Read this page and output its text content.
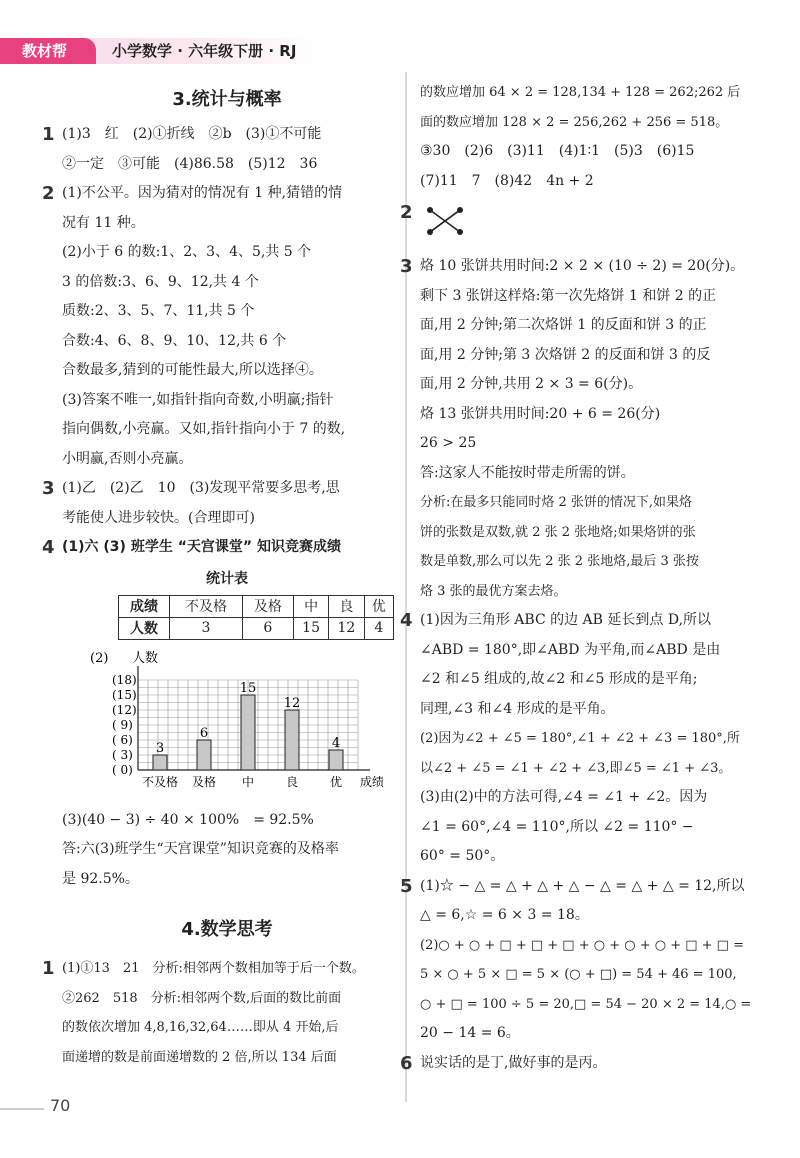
教材帮	小学数学 · 六年级下册 · RJ
3.统计与概率
1 (1)3　红　(2)①折线　②b　(3)①不可能
②一定　③可能　(4)86.58　(5)12　36
2 (1)不公平。因为猜对的情况有 1 种,猜错的情
况有 11 种。
(2)小于 6 的数:1、2、3、4、5,共 5 个
3 的倍数:3、6、9、12,共 4 个
质数:2、3、5、7、11,共 5 个
合数:4、6、8、9、10、12,共 6 个
合数最多,猜到的可能性最大,所以选择④。
(3)答案不唯一,如指针指向奇数,小明赢;指针
指向偶数,小亮赢。又如,指针指向小于 7 的数,
小明赢,否则小亮赢。
3 (1)乙　(2)乙　10　(3)发现平常要多思考,思
考能使人进步较快。(合理即可)
4 (1)六 (3) 班学生 “天宫课堂” 知识竞赛成绩
统计表
成绩	不及格	及格	中	良	优
人数	3	6	15	12	4
(2) 人数
(18)
(15)
(12)
( 9)
( 6)
( 3)
( 0)
3
不及格
6
及格
15
中
12
良
4
优 成绩
(3)(40 − 3) ÷ 40 × 100%　= 92.5%
答:六(3)班学生“天宫课堂”知识竞赛的及格率
是 92.5%。
4.数学思考
1 (1)①13　21　分析:相邻两个数相加等于后一个数。
②262　518　分析:相邻两个数,后面的数比前面
的数依次增加 4,8,16,32,64……即从 4 开始,后
面递增的数是前面递增数的 2 倍,所以 134 后面
的数应增加 64 × 2 = 128,134 + 128 = 262;262 后
面的数应增加 128 × 2 = 256,262 + 256 = 518。
③30　(2)6　(3)11　(4)1∶1　(5)3　(6)15
(7)11　7　(8)42　4n + 2
2
3 烙 10 张饼共用时间:2 × 2 × (10 ÷ 2) = 20(分)。
剩下 3 张饼这样烙:第一次先烙饼 1 和饼 2 的正
面,用 2 分钟;第二次烙饼 1 的反面和饼 3 的正
面,用 2 分钟;第 3 次烙饼 2 的反面和饼 3 的反
面,用 2 分钟,共用 2 × 3 = 6(分)。
烙 13 张饼共用时间:20 + 6 = 26(分)
26 > 25
答:这家人不能按时带走所需的饼。
分析:在最多只能同时烙 2 张饼的情况下,如果烙
饼的张数是双数,就 2 张 2 张地烙;如果烙饼的张
数是单数,那么可以先 2 张 2 张地烙,最后 3 张按
烙 3 张的最优方案去烙。
4 (1)因为三角形 ABC 的边 AB 延长到点 D,所以
∠ABD = 180°,即∠ABD 为平角,而∠ABD 是由
∠2 和∠5 组成的,故∠2 和∠5 形成的是平角;
同理,∠3 和∠4 形成的是平角。
(2)因为∠2 + ∠5 = 180°,∠1 + ∠2 + ∠3 = 180°,所
以∠2 + ∠5 = ∠1 + ∠2 + ∠3,即∠5 = ∠1 + ∠3。
(3)由(2)中的方法可得,∠4 = ∠1 + ∠2。因为
∠1 = 60°,∠4 = 110°,所以 ∠2 = 110° −
60° = 50°。
5 (1)☆ − △ = △ + △ + △ − △ = △ + △ = 12,所以
△ = 6,☆ = 6 × 3 = 18。
(2)○ + ○ + □ + □ + □ + ○ + ○ + ○ + □ + □ =
5 × ○ + 5 × □ = 5 × (○ + □) = 54 + 46 = 100,
○ + □ = 100 ÷ 5 = 20,□ = 54 − 20 × 2 = 14,○ =
20 − 14 = 6。
6 说实话的是丁,做好事的是丙。
70
